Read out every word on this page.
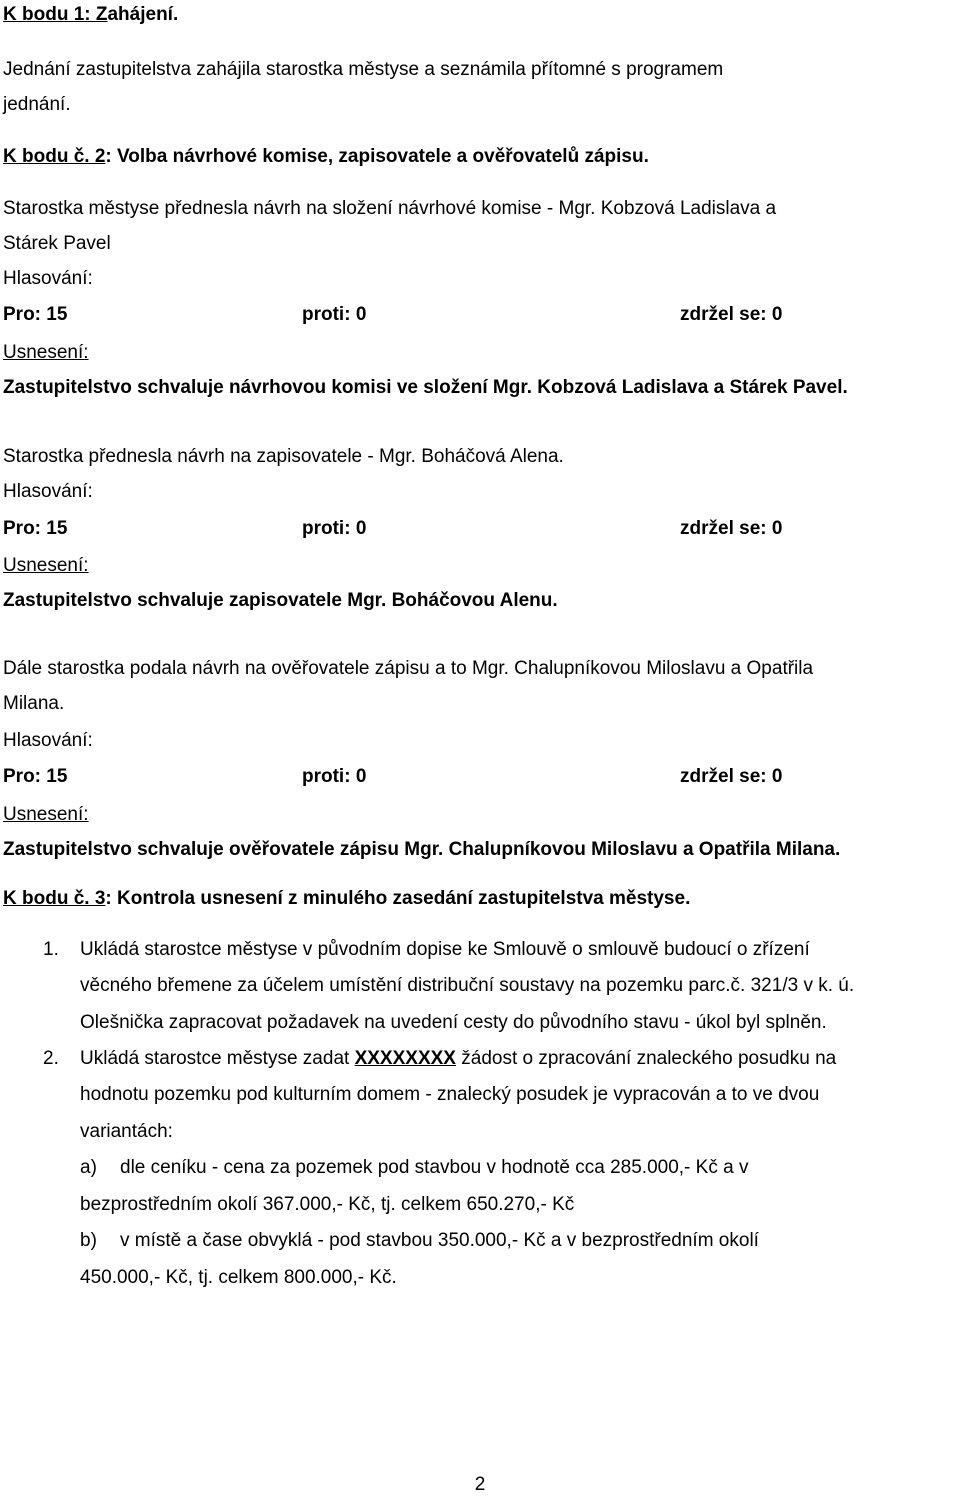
K bodu 1: Zahájení.
Jednání zastupitelstva zahájila starostka městyse a seznámila přítomné s programem
jednání.
K bodu č. 2: Volba návrhové komise, zapisovatele a ověřovatelů zápisu.
Starostka městyse přednesla návrh na složení návrhové komise - Mgr. Kobzová Ladislava a
Stárek Pavel
Hlasování:
Pro: 15	proti: 0	zdržel se: 0
Usnesení:
Zastupitelstvo schvaluje návrhovou komisi ve složení Mgr. Kobzová Ladislava a Stárek Pavel.
Starostka přednesla návrh na zapisovatele - Mgr. Boháčová Alena.
Hlasování:
Pro: 15	proti: 0	zdržel se: 0
Usnesení:
Zastupitelstvo schvaluje zapisovatele Mgr. Boháčovou Alenu.
Dále starostka podala návrh na ověřovatele zápisu a to Mgr. Chalupníkovou Miloslavu a Opatřila
Milana.
Hlasování:
Pro: 15	proti: 0	zdržel se: 0
Usnesení:
Zastupitelstvo schvaluje ověřovatele zápisu Mgr. Chalupníkovou Miloslavu a Opatřila Milana.
K bodu č. 3: Kontrola usnesení z minulého zasedání zastupitelstva městyse.
1. Ukládá starostce městyse v původním dopise ke Smlouvě o smlouvě budoucí o zřízení
věcného břemene za účelem umístění distribuční soustavy na pozemku parc.č. 321/3 v k. ú.
Olešnička zapracovat požadavek na uvedení cesty do původního stavu - úkol byl splněn.
2. Ukládá starostce městyse zadat XXXXXXXX žádost o zpracování znaleckého posudku na
hodnotu pozemku pod kulturním domem - znalecký posudek je vypracován a to ve dvou
variantách:
a) dle ceníku - cena za pozemek pod stavbou v hodnotě cca 285.000,- Kč a v
bezprostředním okolí 367.000,- Kč, tj. celkem 650.270,- Kč
b) v místě a čase obvyklá - pod stavbou 350.000,- Kč a v bezprostředním okolí
450.000,- Kč, tj. celkem 800.000,- Kč.
2
